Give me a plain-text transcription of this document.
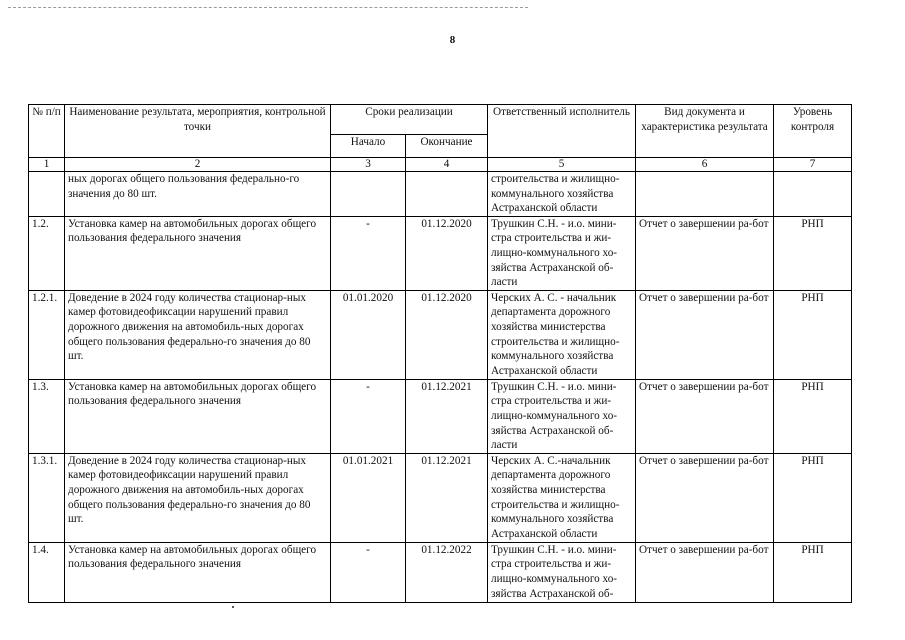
8
№ п/п	Наименование результата, мероприятия, контрольной точки	Сроки реализации		Ответственный исполнитель	Вид документа и характеристика результата	Уровень контроля
		Начало	Окончание			
1	2	3	4	5	6	7
	ных дорогах общего пользования федерально-го значения до 80 шт.			строительства и жилищно-коммунального хозяйства Астраханской области		
1.2.	Установка камер на автомобильных дорогах общего пользования федерального значения	-	01.12.2020	Трушкин С.Н. - и.о. мини-стра строительства и жи-лищно-коммунального хо-зяйства Астраханской об-ласти	Отчет о завершении ра-бот	РНП
1.2.1.	Доведение в 2024 году количества стационар-ных камер фотовидеофиксации нарушений правил дорожного движения на автомобиль-ных дорогах общего пользования федерально-го значения до 80 шт.	01.01.2020	01.12.2020	Черских А. С. - начальник департамента дорожного хозяйства министерства строительства и жилищно-коммунального хозяйства Астраханской области	Отчет о завершении ра-бот	РНП
1.3.	Установка камер на автомобильных дорогах общего пользования федерального значения	-	01.12.2021	Трушкин С.Н. - и.о. мини-стра строительства и жи-лищно-коммунального хо-зяйства Астраханской об-ласти	Отчет о завершении ра-бот	РНП
1.3.1.	Доведение в 2024 году количества стационар-ных камер фотовидеофиксации нарушений правил дорожного движения на автомобиль-ных дорогах общего пользования федерально-го значения до 80 шт.	01.01.2021	01.12.2021	Черских А. С.-начальник департамента дорожного хозяйства министерства строительства и жилищно-коммунального хозяйства Астраханской области	Отчет о завершении ра-бот	РНП
1.4.	Установка камер на автомобильных дорогах общего пользования федерального значения	-	01.12.2022	Трушкин С.Н. - и.о. мини-стра строительства и жи-лищно-коммунального хо-зяйства Астраханской об-	Отчет о завершении ра-бот	РНП
